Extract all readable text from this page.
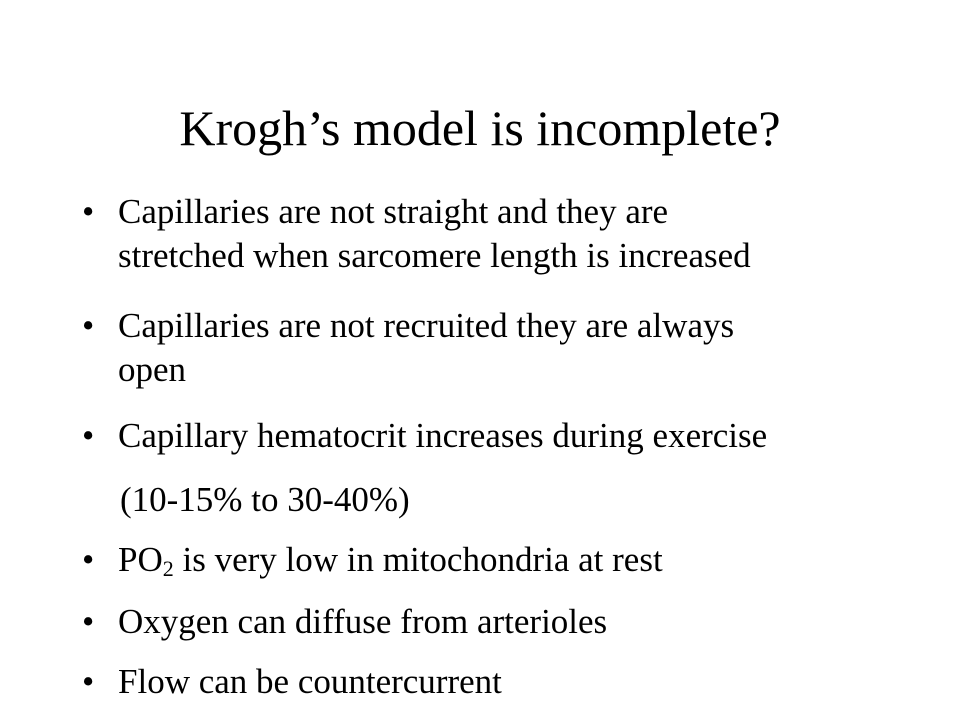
Krogh’s model is incomplete?
• Capillaries are not straight and they are
stretched when sarcomere length is increased
• Capillaries are not recruited they are always
open
• Capillary hematocrit increases during exercise
(10-15% to 30-40%)
• $PO_2$ is very low in mitochondria at rest
• Oxygen can diffuse from arterioles
• Flow can be countercurrent
